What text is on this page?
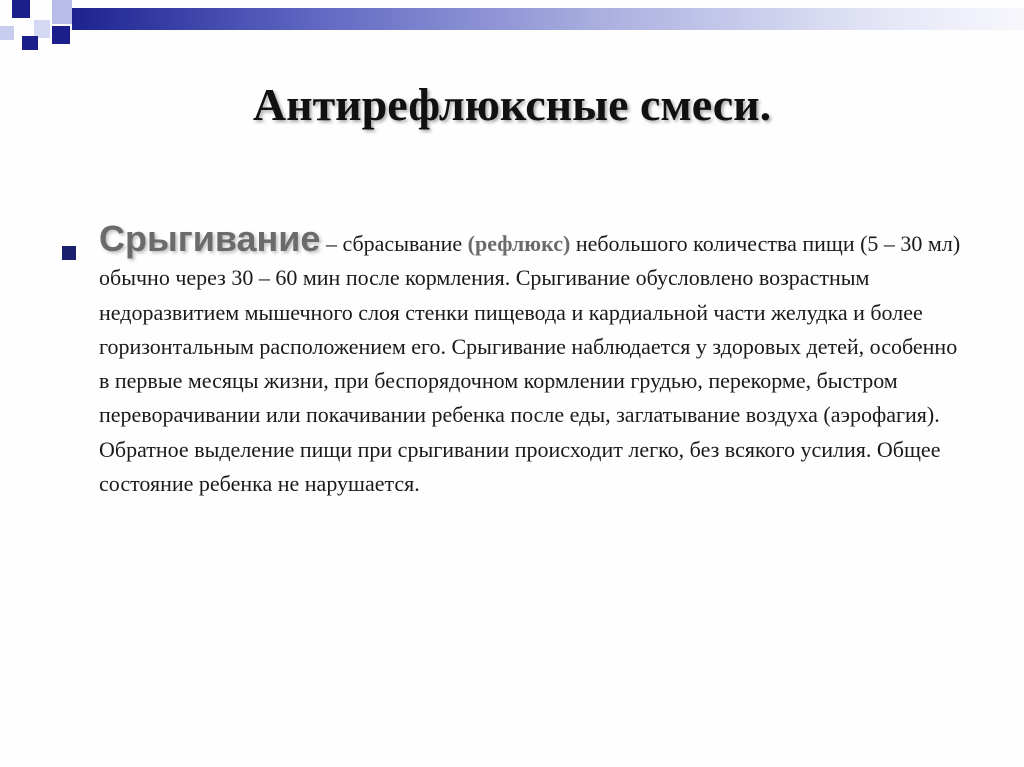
Антирефлюксные смеси.
Срыгивание – сбрасывание (рефлюкс) небольшого количества пищи (5 – 30 мл) обычно через 30 – 60 мин после кормления. Срыгивание обусловлено возрастным недоразвитием мышечного слоя стенки пищевода и кардиальной части желудка и более горизонтальным расположением его. Срыгивание наблюдается у здоровых детей, особенно в первые месяцы жизни, при беспорядочном кормлении грудью, перекорме, быстром переворачивании или покачивании ребенка после еды, заглатывание воздуха (аэрофагия). Обратное выделение пищи при срыгивании происходит легко, без всякого усилия. Общее состояние ребенка не нарушается.
